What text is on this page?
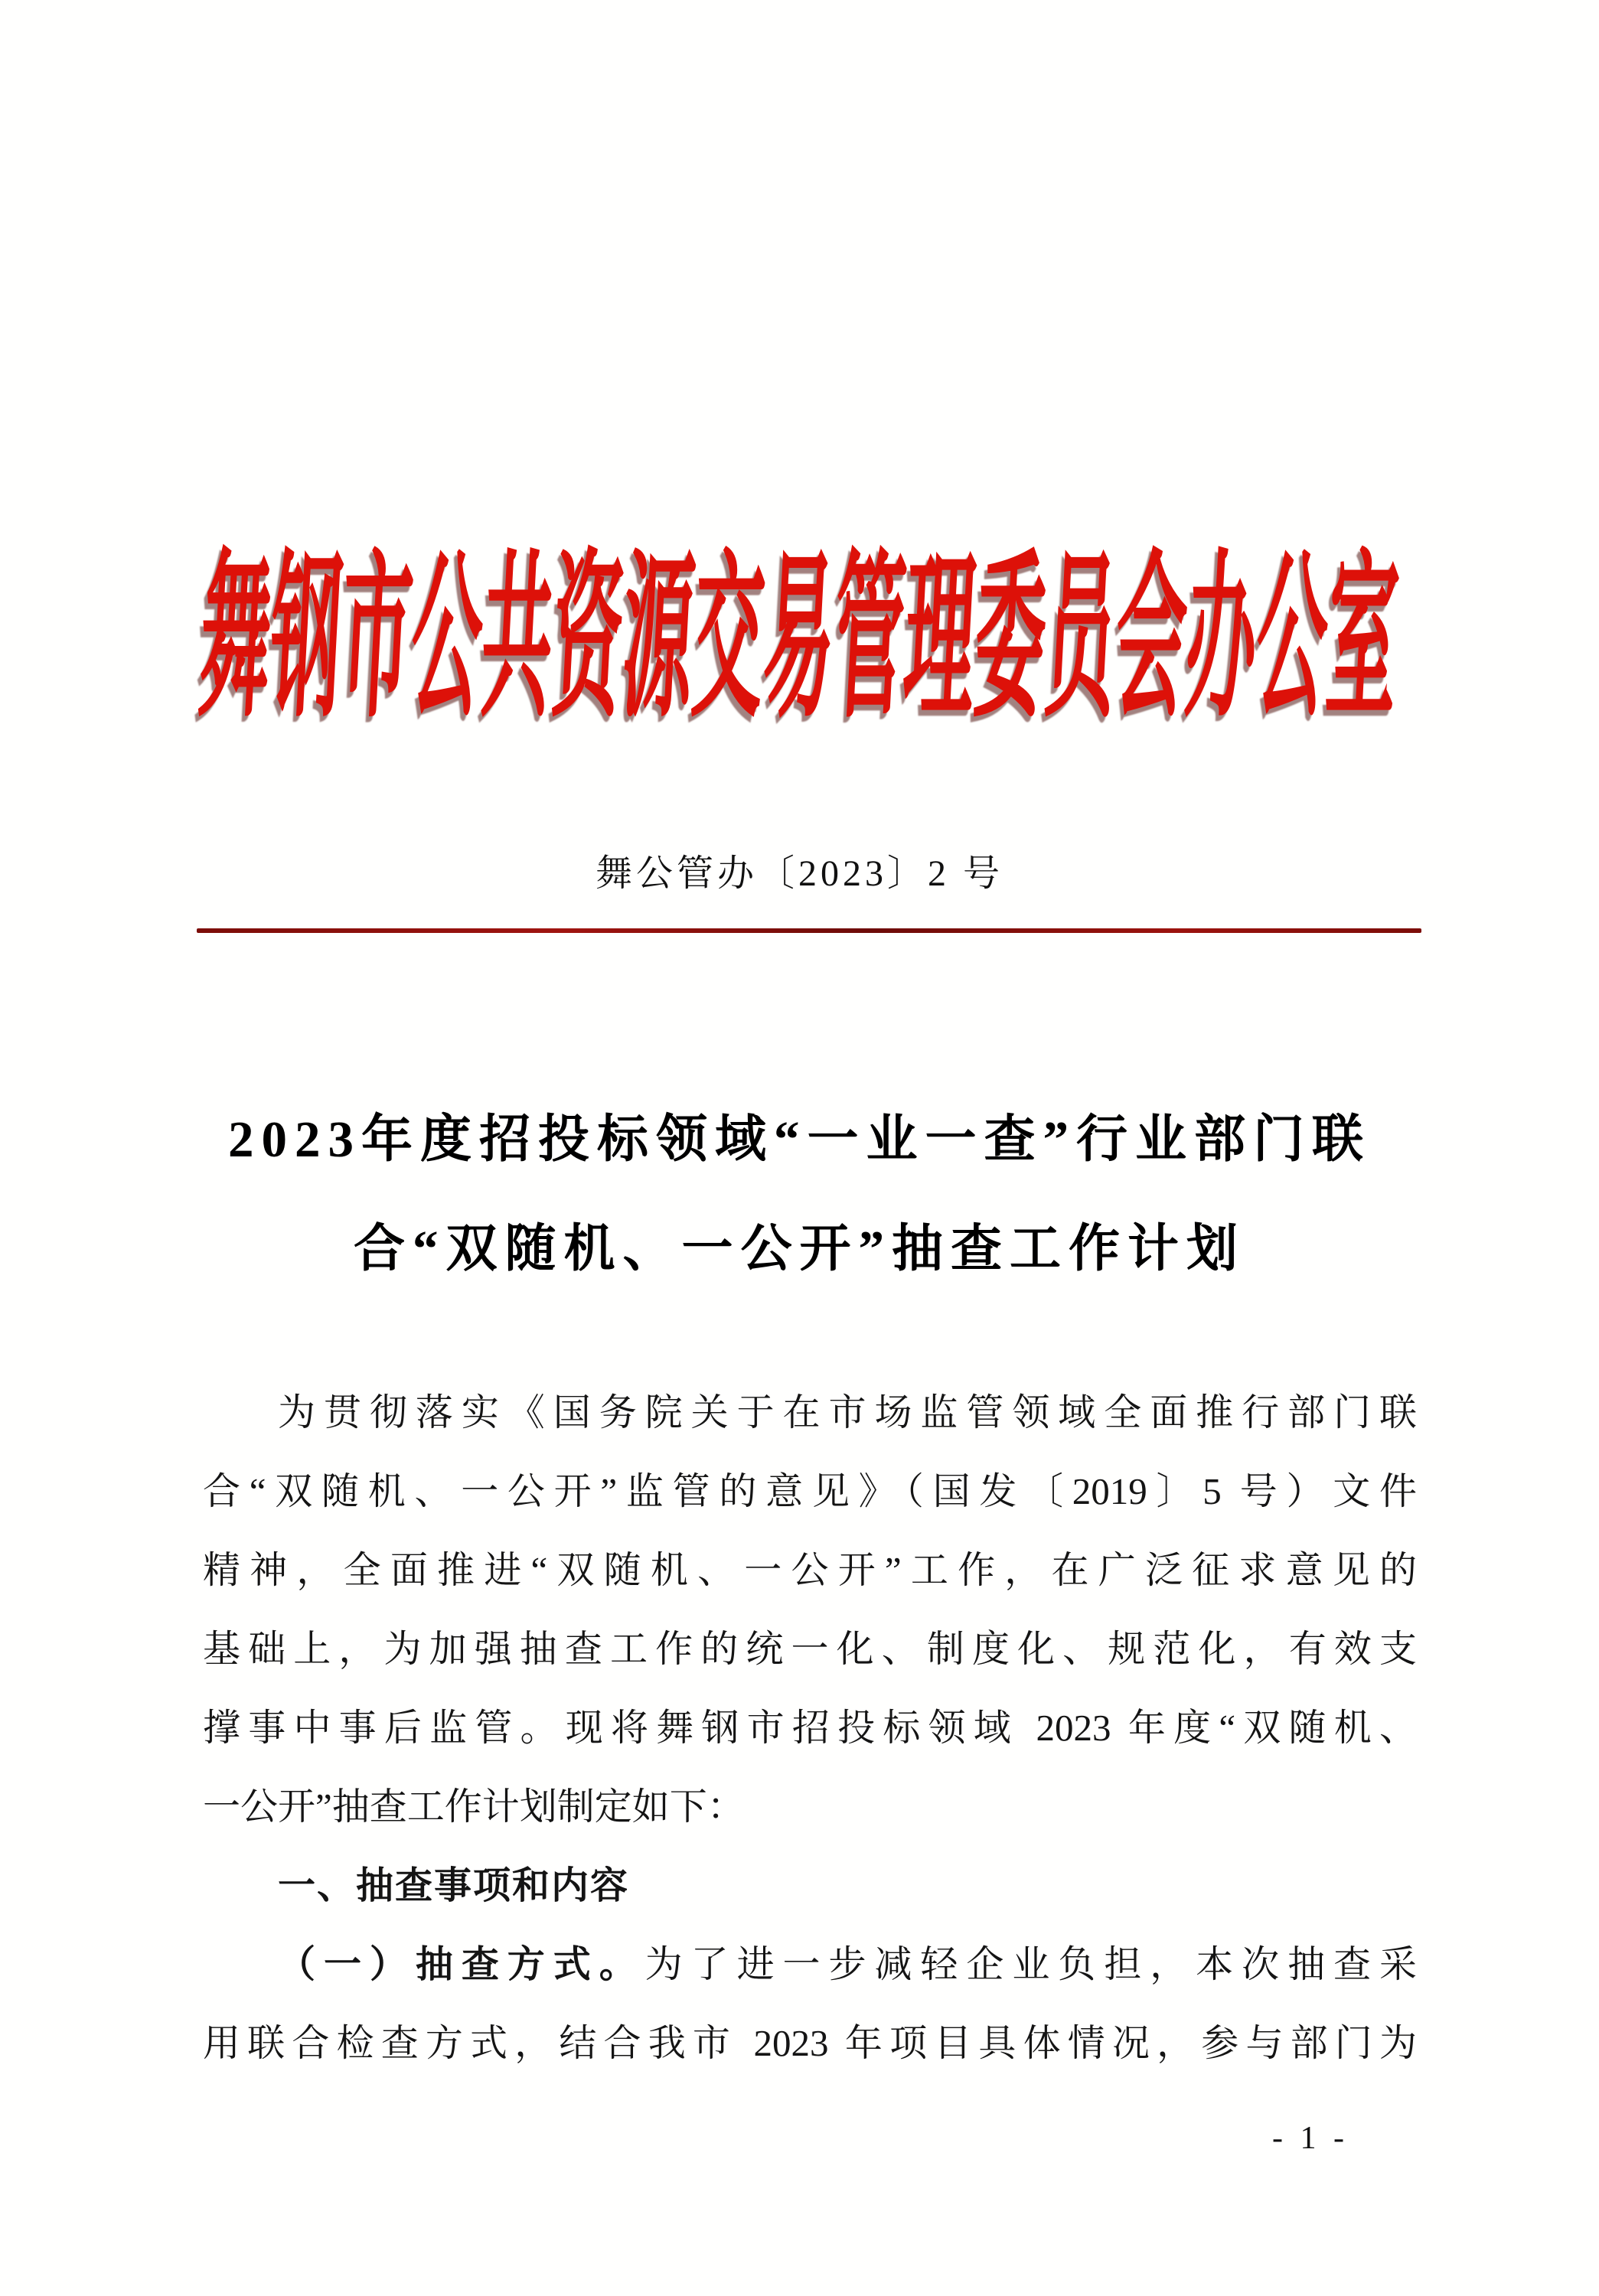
舞钢市公共资源交易管理委员会办公室
舞公管办〔2023〕2 号
2023年度招投标领域“一业一查”行业部门联
合“双随机、一公开”抽查工作计划
为贯彻落实《国务院关于在市场监管领域全面推行部门联
合“双随机、一公开”监管的意见》（国发〔2019〕5 号）文件
精神，全面推进“双随机、一公开”工作，在广泛征求意见的
基础上，为加强抽查工作的统一化、制度化、规范化，有效支
撑事中事后监管。现将舞钢市招投标领域 2023 年度“双随机、
一公开”抽查工作计划制定如下：
一、抽查事项和内容
（一）抽查方式。为了进一步减轻企业负担，本次抽查采
用联合检查方式，结合我市 2023 年项目具体情况，参与部门为
- 1 -
